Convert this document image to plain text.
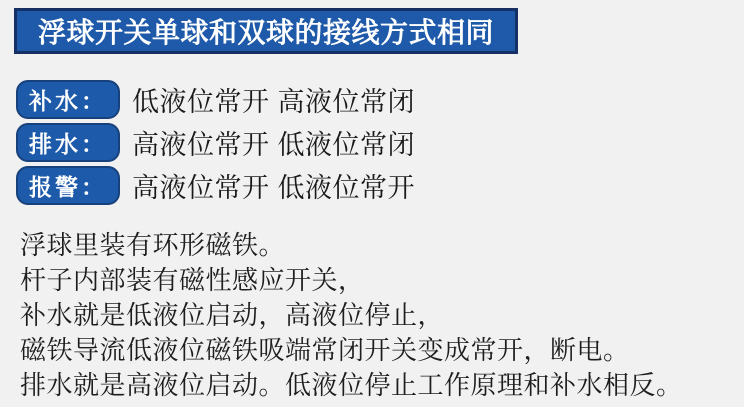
浮球开关单球和双球的接线方式相同
补水： 低液位常开 高液位常闭
排水： 高液位常开 低液位常闭
报警： 高液位常开 低液位常开
浮球里装有环形磁铁。
杆子内部装有磁性感应开关，
补水就是低液位启动，高液位停止，
磁铁导流低液位磁铁吸端常闭开关变成常开，断电。
排水就是高液位启动。低液位停止工作原理和补水相反。
